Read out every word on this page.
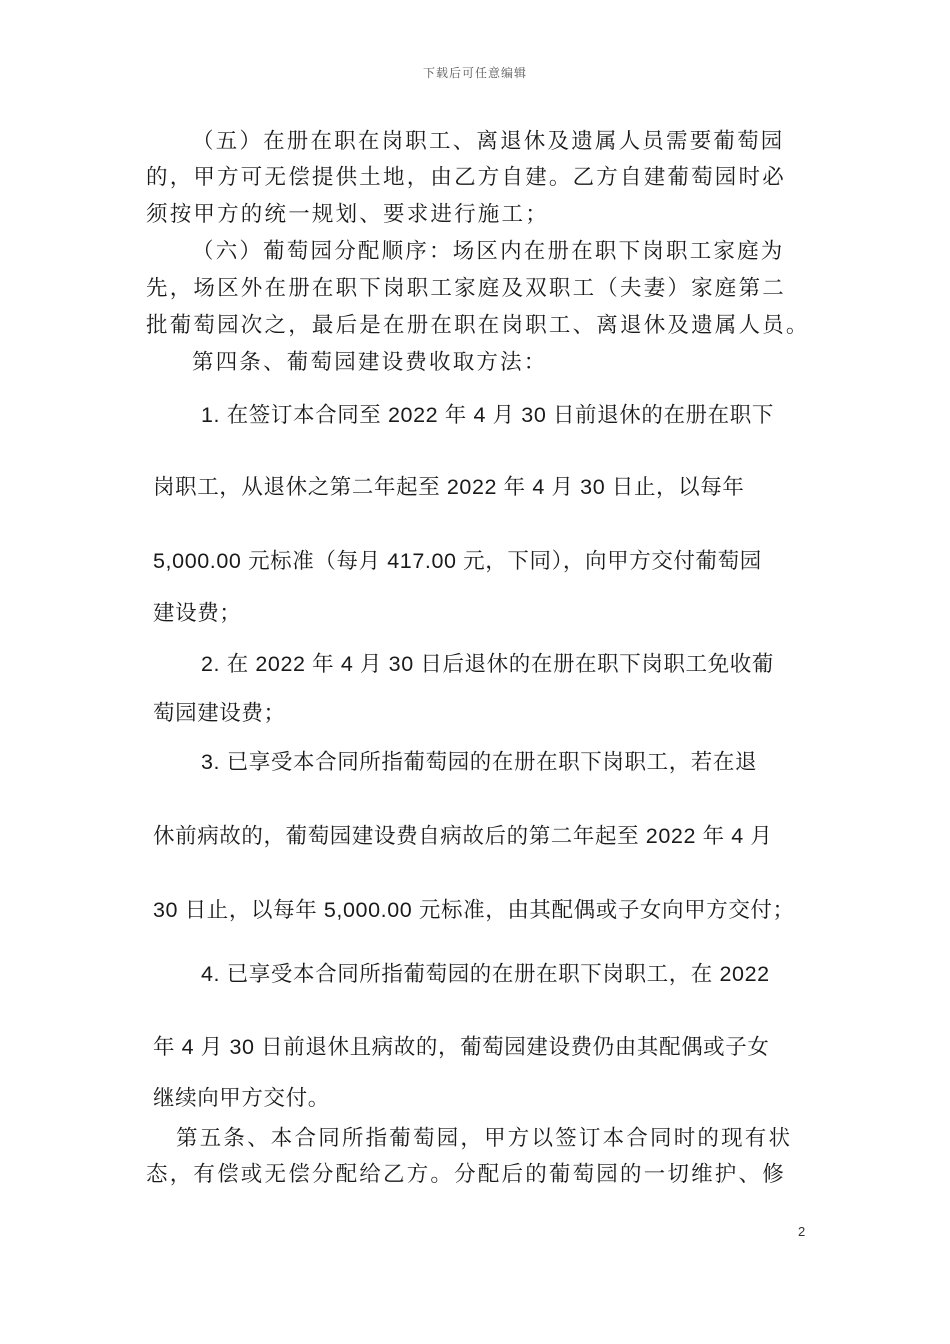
下载后可任意编辑
（五）在册在职在岗职工、离退休及遗属人员需要葡萄园
的，甲方可无偿提供土地，由乙方自建。乙方自建葡萄园时必
须按甲方的统一规划、要求进行施工；
（六）葡萄园分配顺序：场区内在册在职下岗职工家庭为
先，场区外在册在职下岗职工家庭及双职工（夫妻）家庭第二
批葡萄园次之，最后是在册在职在岗职工、离退休及遗属人员。
第四条、葡萄园建设费收取方法：
1. 在签订本合同至 2022 年 4 月 30 日前退休的在册在职下
岗职工，从退休之第二年起至 2022 年 4 月 30 日止，以每年
5,000.00 元标准（每月 417.00 元，下同），向甲方交付葡萄园
建设费；
2. 在 2022 年 4 月 30 日后退休的在册在职下岗职工免收葡
萄园建设费；
3. 已享受本合同所指葡萄园的在册在职下岗职工，若在退
休前病故的，葡萄园建设费自病故后的第二年起至 2022 年 4 月
30 日止，以每年 5,000.00 元标准，由其配偶或子女向甲方交付；
4. 已享受本合同所指葡萄园的在册在职下岗职工，在 2022
年 4 月 30 日前退休且病故的，葡萄园建设费仍由其配偶或子女
继续向甲方交付。
第五条、本合同所指葡萄园，甲方以签订本合同时的现有状
态，有偿或无偿分配给乙方。分配后的葡萄园的一切维护、修
2
